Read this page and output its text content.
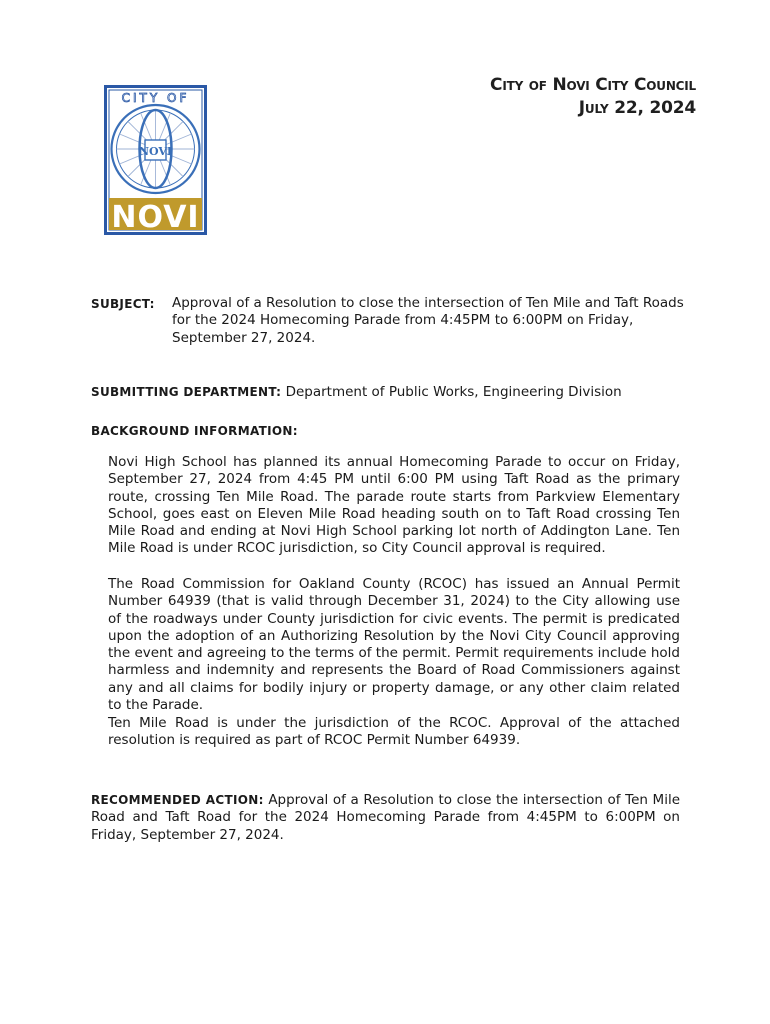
City of Novi City Council
July 22, 2024
CITY OF
NOVI
NOVI
SUBJECT: Approval of a Resolution to close the intersection of Ten Mile and Taft Roads for the 2024 Homecoming Parade from 4:45PM to 6:00PM on Friday, September 27, 2024.
SUBMITTING DEPARTMENT: Department of Public Works, Engineering Division
BACKGROUND INFORMATION:
Novi High School has planned its annual Homecoming Parade to occur on Friday, September 27, 2024 from 4:45 PM until 6:00 PM using Taft Road as the primary route, crossing Ten Mile Road. The parade route starts from Parkview Elementary School, goes east on Eleven Mile Road heading south on to Taft Road crossing Ten Mile Road and ending at Novi High School parking lot north of Addington Lane. Ten Mile Road is under RCOC jurisdiction, so City Council approval is required.
The Road Commission for Oakland County (RCOC) has issued an Annual Permit Number 64939 (that is valid through December 31, 2024) to the City allowing use of the roadways under County jurisdiction for civic events. The permit is predicated upon the adoption of an Authorizing Resolution by the Novi City Council approving the event and agreeing to the terms of the permit. Permit requirements include hold harmless and indemnity and represents the Board of Road Commissioners against any and all claims for bodily injury or property damage, or any other claim related to the Parade.
Ten Mile Road is under the jurisdiction of the RCOC. Approval of the attached resolution is required as part of RCOC Permit Number 64939.
RECOMMENDED ACTION: Approval of a Resolution to close the intersection of Ten Mile Road and Taft Road for the 2024 Homecoming Parade from 4:45PM to 6:00PM on Friday, September 27, 2024.
